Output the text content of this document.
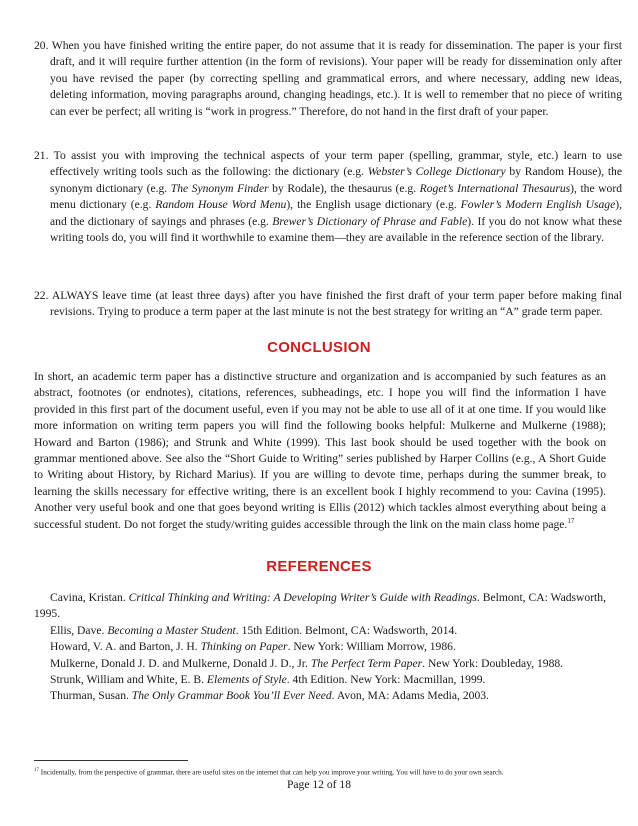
20. When you have finished writing the entire paper, do not assume that it is ready for dissemination. The paper is your first draft, and it will require further attention (in the form of revisions). Your paper will be ready for dissemination only after you have revised the paper (by correcting spelling and grammatical errors, and where necessary, adding new ideas, deleting information, moving paragraphs around, changing headings, etc.). It is well to remember that no piece of writing can ever be perfect; all writing is “work in progress.” Therefore, do not hand in the first draft of your paper.
21. To assist you with improving the technical aspects of your term paper (spelling, grammar, style, etc.) learn to use effectively writing tools such as the following: the dictionary (e.g. Webster’s College Dictionary by Random House), the synonym dictionary (e.g. The Synonym Finder by Rodale), the thesaurus (e.g. Roget’s International Thesaurus), the word menu dictionary (e.g. Random House Word Menu), the English usage dictionary (e.g. Fowler’s Modern English Usage), and the dictionary of sayings and phrases (e.g. Brewer’s Dictionary of Phrase and Fable). If you do not know what these writing tools do, you will find it worthwhile to examine them—they are available in the reference section of the library.
22. ALWAYS leave time (at least three days) after you have finished the first draft of your term paper before making final revisions. Trying to produce a term paper at the last minute is not the best strategy for writing an “A” grade term paper.
CONCLUSION
In short, an academic term paper has a distinctive structure and organization and is accompanied by such features as an abstract, footnotes (or endnotes), citations, references, subheadings, etc. I hope you will find the information I have provided in this first part of the document useful, even if you may not be able to use all of it at one time. If you would like more information on writing term papers you will find the following books helpful: Mulkerne and Mulkerne (1988); Howard and Barton (1986); and Strunk and White (1999). This last book should be used together with the book on grammar mentioned above. See also the “Short Guide to Writing” series published by Harper Collins (e.g., A Short Guide to Writing about History, by Richard Marius). If you are willing to devote time, perhaps during the summer break, to learning the skills necessary for effective writing, there is an excellent book I highly recommend to you: Cavina (1995). Another very useful book and one that goes beyond writing is Ellis (2012) which tackles almost everything about being a successful student. Do not forget the study/writing guides accessible through the link on the main class home page.$^{17}$
REFERENCES
Cavina, Kristan. Critical Thinking and Writing: A Developing Writer’s Guide with Readings. Belmont, CA: Wadsworth, 1995.
Ellis, Dave. Becoming a Master Student. 15th Edition. Belmont, CA: Wadsworth, 2014.
Howard, V. A. and Barton, J. H. Thinking on Paper. New York: William Morrow, 1986.
Mulkerne, Donald J. D. and Mulkerne, Donald J. D., Jr. The Perfect Term Paper. New York: Doubleday, 1988.
Strunk, William and White, E. B. Elements of Style. 4th Edition. New York: Macmillan, 1999.
Thurman, Susan. The Only Grammar Book You’ll Ever Need. Avon, MA: Adams Media, 2003.
$^{17}$ Incidentally, from the perspective of grammar, there are useful sites on the internet that can help you improve your writing. You will have to do your own search.
Page 12 of 18
